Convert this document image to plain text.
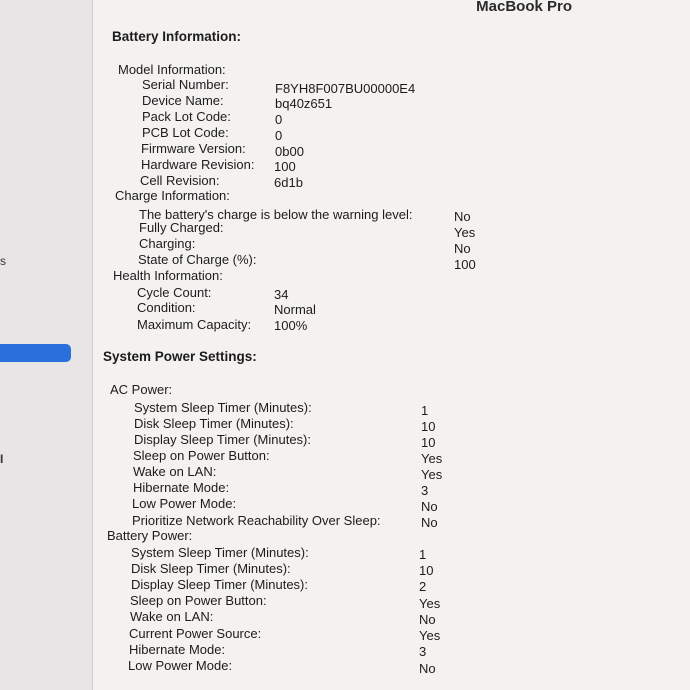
s
I
MacBook Pro
Battery Information:
Model Information:
Serial Number:	F8YH8F007BU00000E4
Device Name:	bq40z651
Pack Lot Code:	0
PCB Lot Code:	0
Firmware Version: 0b00
Hardware Revision: 100
Cell Revision:	6d1b
Charge Information:
The battery's charge is below the warning level:	No
Fully Charged:	Yes
Charging:	No
State of Charge (%):	100
Health Information:
Cycle Count:	34
Condition:	Normal
Maximum Capacity: 100%
System Power Settings:
AC Power:
System Sleep Timer (Minutes):	1
Disk Sleep Timer (Minutes):	10
Display Sleep Timer (Minutes):	10
Sleep on Power Button:	Yes
Wake on LAN:	Yes
Hibernate Mode:	3
Low Power Mode:	No
Prioritize Network Reachability Over Sleep:	No
Battery Power:
System Sleep Timer (Minutes):	1
Disk Sleep Timer (Minutes):	10
Display Sleep Timer (Minutes):	2
Sleep on Power Button:	Yes
Wake on LAN:	No
Current Power Source:	Yes
Hibernate Mode:	3
Low Power Mode:	No
